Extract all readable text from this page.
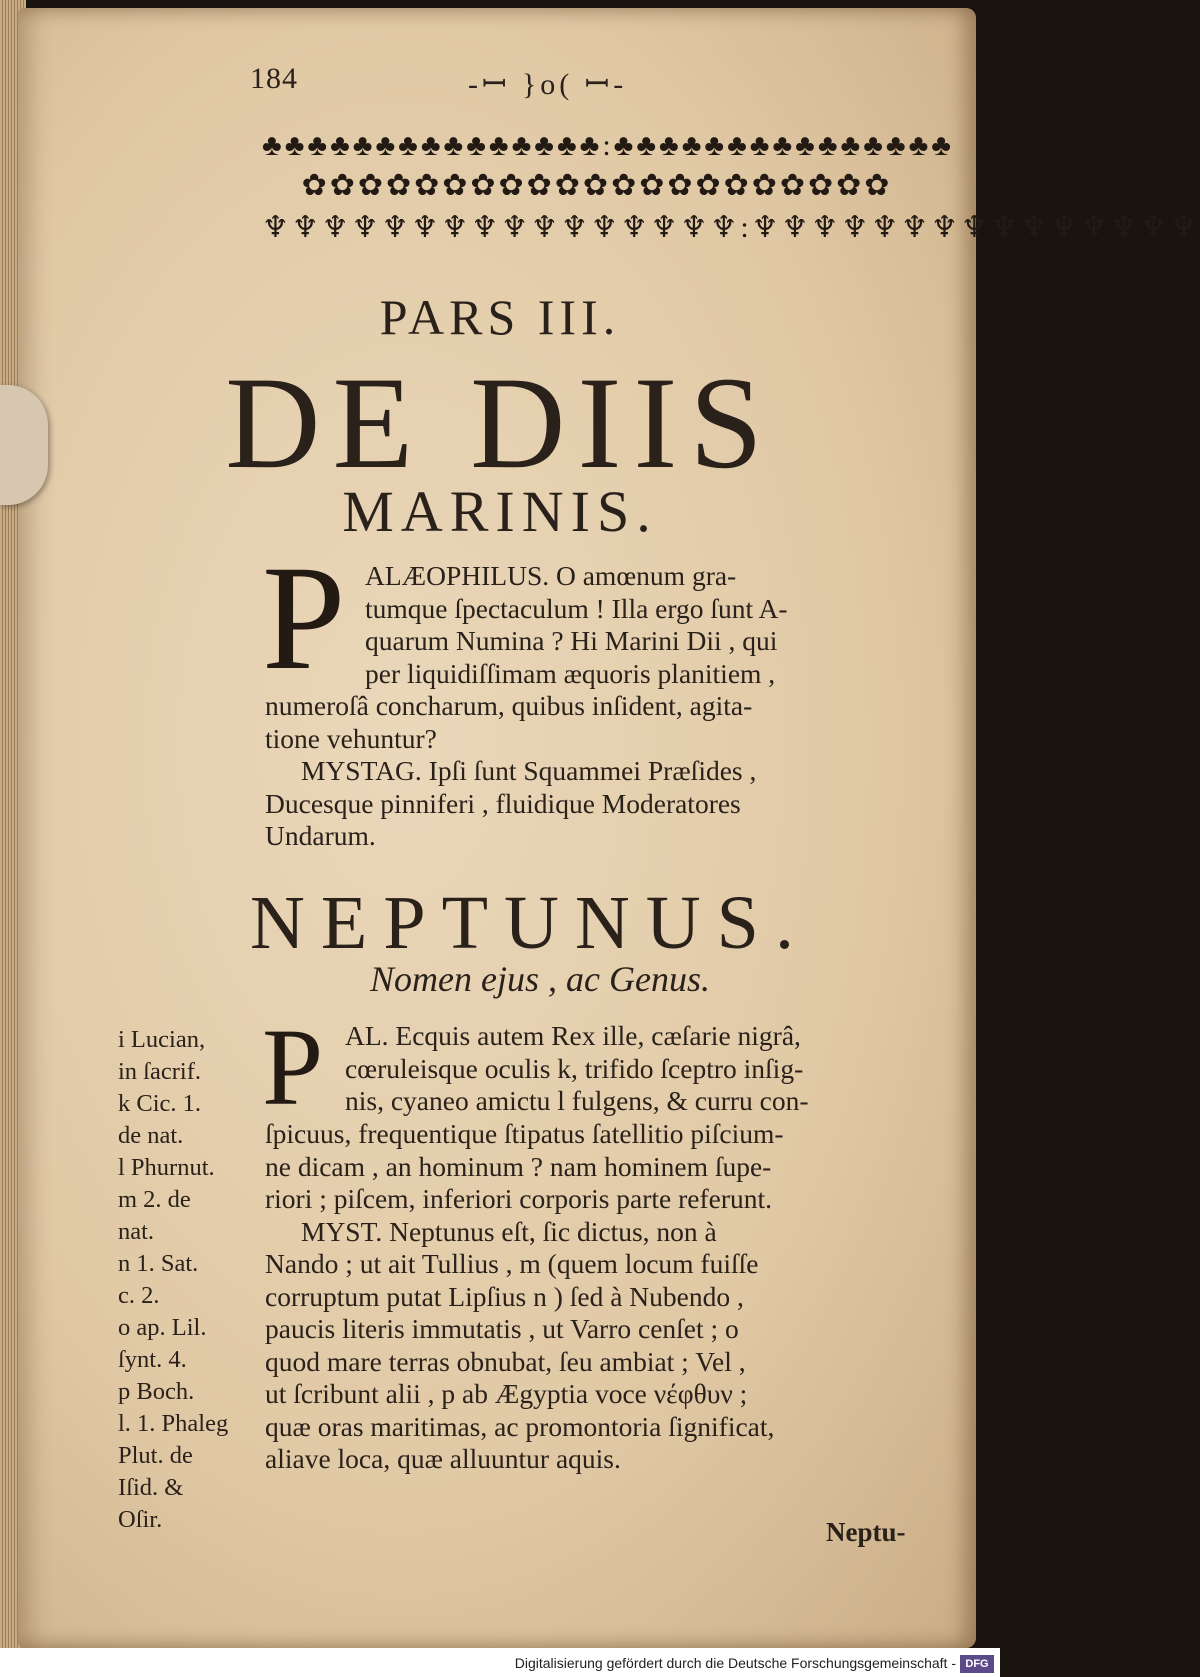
184	-ꟷ }o( ꟷ-
♣♣♣♣♣♣♣♣♣♣♣♣♣♣♣:♣♣♣♣♣♣♣♣♣♣♣♣♣♣♣
✿✿✿✿✿✿✿✿✿✿✿✿✿✿✿✿✿✿✿✿✿
♆♆♆♆♆♆♆♆♆♆♆♆♆♆♆♆:♆♆♆♆♆♆♆♆♆♆♆♆♆♆♆
PARS III.
DE DIIS
MARINIS.
P ALÆOPHILUS. O amœnum gra-
tumque ſpectaculum ! Illa ergo ſunt A-
quarum Numina ? Hi Marini Dii , qui
per liquidiſſimam æquoris planitiem ,
numeroſâ concharum, quibus inſident, agita-
tione vehuntur?
MYSTAG. Ipſi ſunt Squammei Præſides ,
Ducesque pinniferi , fluidique Moderatores
Undarum.
NEPTUNUS.
Nomen ejus , ac Genus.
P AL. Ecquis autem Rex ille, cæſarie nigrâ,
cœruleisque oculis k, trifido ſceptro inſig-
nis, cyaneo amictu l fulgens, & curru con-
ſpicuus, frequentique ſtipatus ſatellitio piſcium-
ne dicam , an hominum ? nam hominem ſupe-
riori ; piſcem, inferiori corporis parte referunt.
MYST. Neptunus eſt, ſic dictus, non à
Nando ; ut ait Tullius , m (quem locum fuiſſe
corruptum putat Lipſius n ) ſed à Nubendo ,
paucis literis immutatis , ut Varro cenſet ; o
quod mare terras obnubat, ſeu ambiat ; Vel ,
ut ſcribunt alii , p ab Ægyptia voce νέφθυν ;
quæ oras maritimas, ac promontoria ſignificat,
aliave loca, quæ alluuntur aquis.
i Lucian,
in ſacrif.
k Cic. 1.
de nat.
l Phurnut.
m 2. de
nat.
n 1. Sat.
c. 2.
o ap. Lil.
ſynt. 4.
p Boch.
l. 1. Phaleg
Plut. de
Iſid. &
Oſir.	Neptu-
Digitalisierung gefördert durch die Deutsche Forschungsgemeinschaft - DFG
